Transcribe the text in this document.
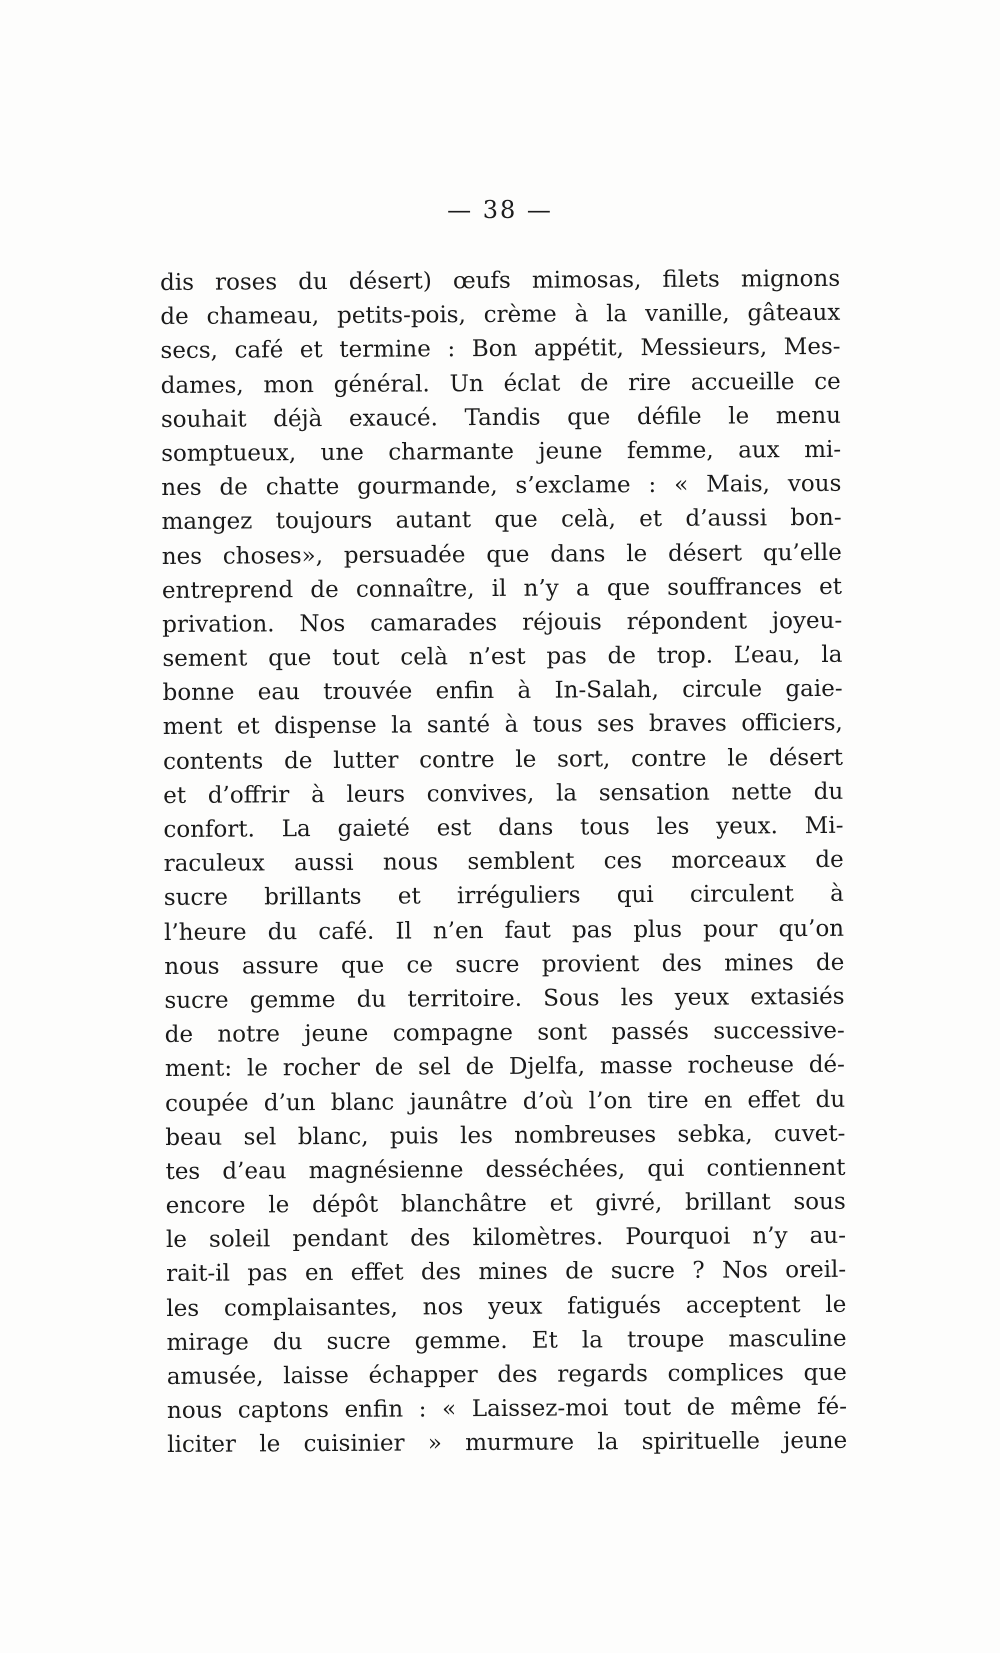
— 38 —
dis roses du désert) œufs mimosas, filets mignons
de chameau, petits-pois, crème à la vanille, gâteaux
secs, café et termine : Bon appétit, Messieurs, Mes-
dames, mon général. Un éclat de rire accueille ce
souhait déjà exaucé. Tandis que défile le menu
somptueux, une charmante jeune femme, aux mi-
nes de chatte gourmande, s’exclame : « Mais, vous
mangez toujours autant que celà, et d’aussi bon-
nes choses», persuadée que dans le désert qu’elle
entreprend de connaître, il n’y a que souffrances et
privation. Nos camarades réjouis répondent joyeu-
sement que tout celà n’est pas de trop. L’eau, la
bonne eau trouvée enfin à In-Salah, circule gaie-
ment et dispense la santé à tous ses braves officiers,
contents de lutter contre le sort, contre le désert
et d’offrir à leurs convives, la sensation nette du
confort. La gaieté est dans tous les yeux. Mi-
raculeux aussi nous semblent ces morceaux de
sucre brillants et irréguliers qui circulent à
l’heure du café. Il n’en faut pas plus pour qu’on
nous assure que ce sucre provient des mines de
sucre gemme du territoire. Sous les yeux extasiés
de notre jeune compagne sont passés successive-
ment: le rocher de sel de Djelfa, masse rocheuse dé-
coupée d’un blanc jaunâtre d’où l’on tire en effet du
beau sel blanc, puis les nombreuses sebka, cuvet-
tes d’eau magnésienne desséchées, qui contiennent
encore le dépôt blanchâtre et givré, brillant sous
le soleil pendant des kilomètres. Pourquoi n’y au-
rait-il pas en effet des mines de sucre ? Nos oreil-
les complaisantes, nos yeux fatigués acceptent le
mirage du sucre gemme. Et la troupe masculine
amusée, laisse échapper des regards complices que
nous captons enfin : « Laissez-moi tout de même fé-
liciter le cuisinier » murmure la spirituelle jeune
